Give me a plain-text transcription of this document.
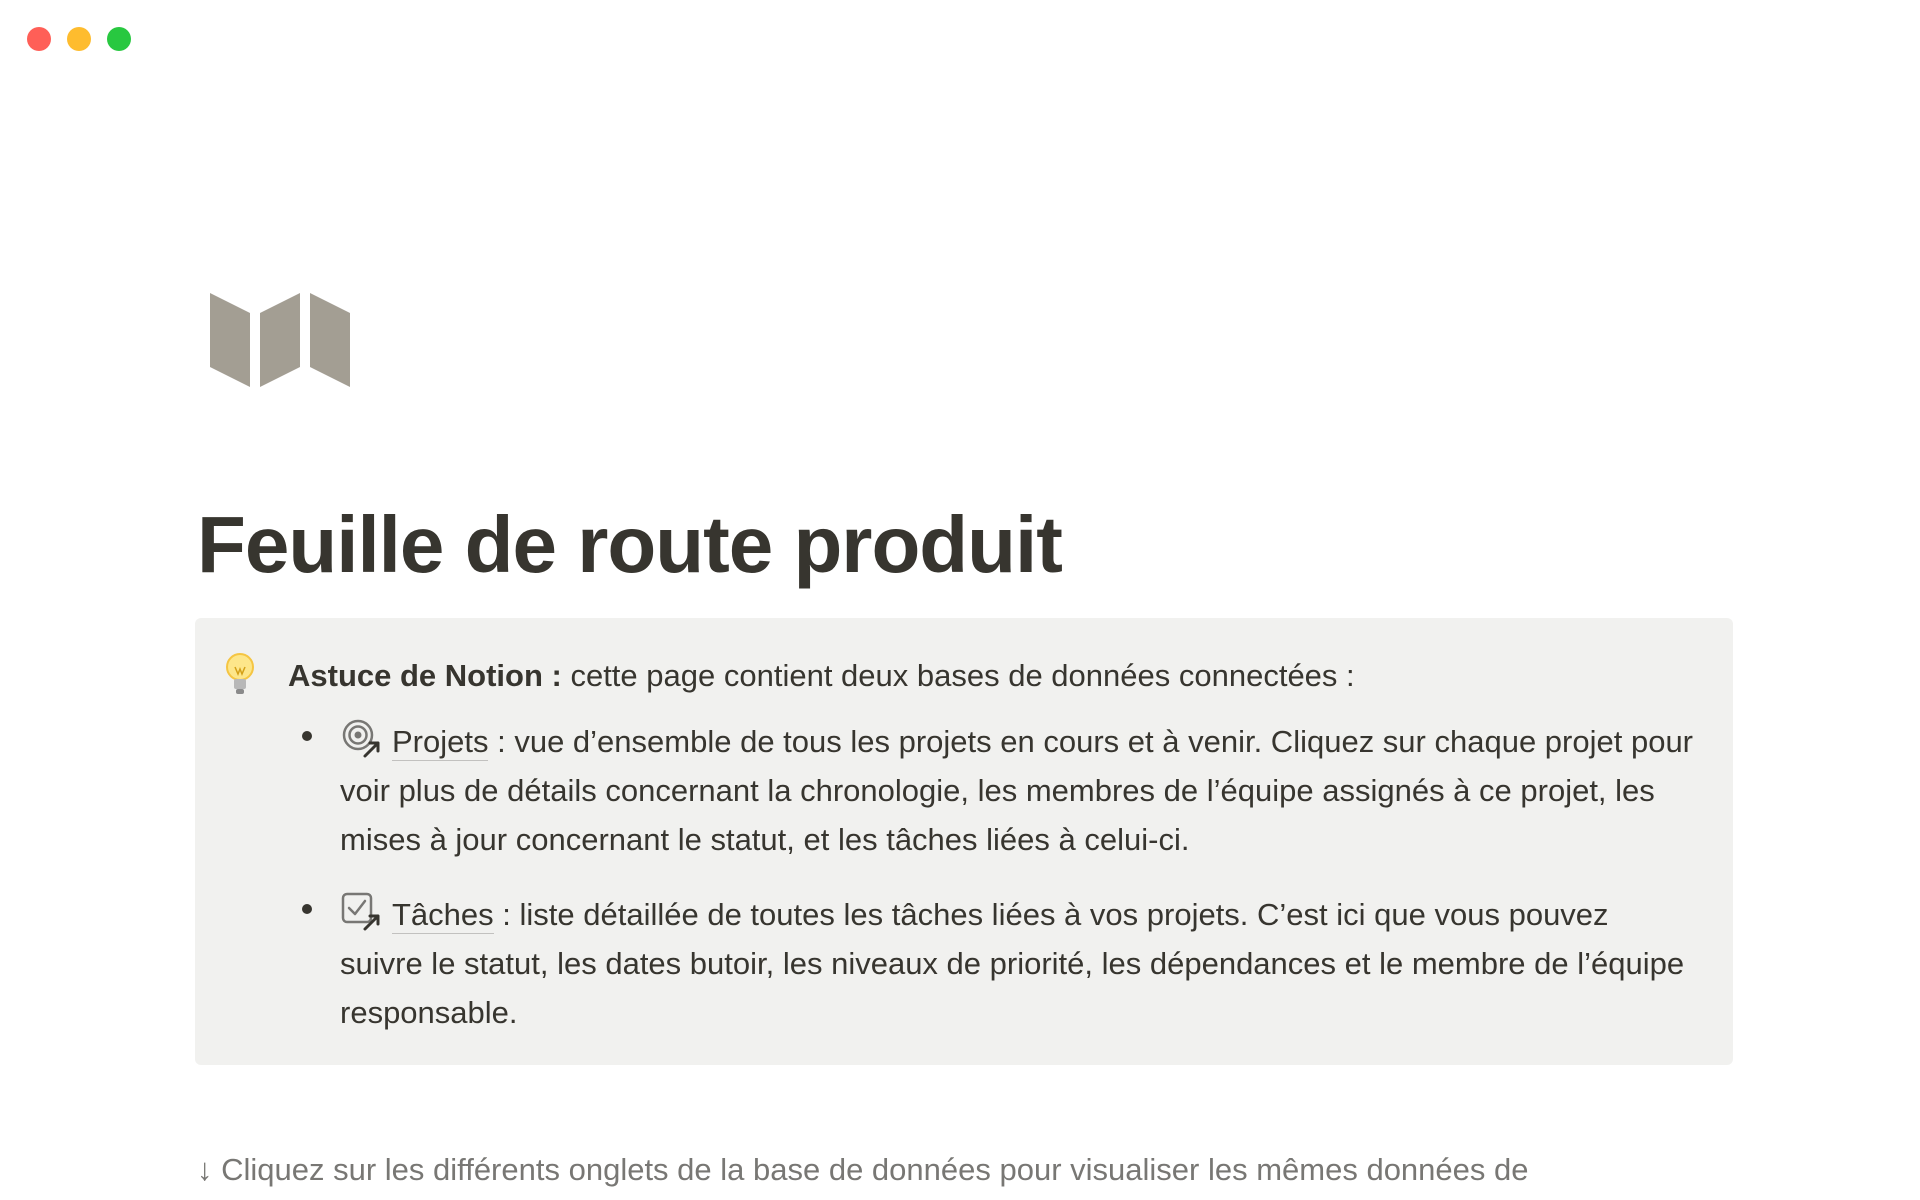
Feuille de route produit
Astuce de Notion : cette page contient deux bases de données connectées :
Projets : vue d’ensemble de tous les projets en cours et à venir. Cliquez sur chaque projet pour voir plus de détails concernant la chronologie, les membres de l’équipe assignés à ce projet, les mises à jour concernant le statut, et les tâches liées à celui-ci.
Tâches : liste détaillée de toutes les tâches liées à vos projets. C’est ici que vous pouvez suivre le statut, les dates butoir, les niveaux de priorité, les dépendances et le membre de l’équipe responsable.
↓ Cliquez sur les différents onglets de la base de données pour visualiser les mêmes données de
